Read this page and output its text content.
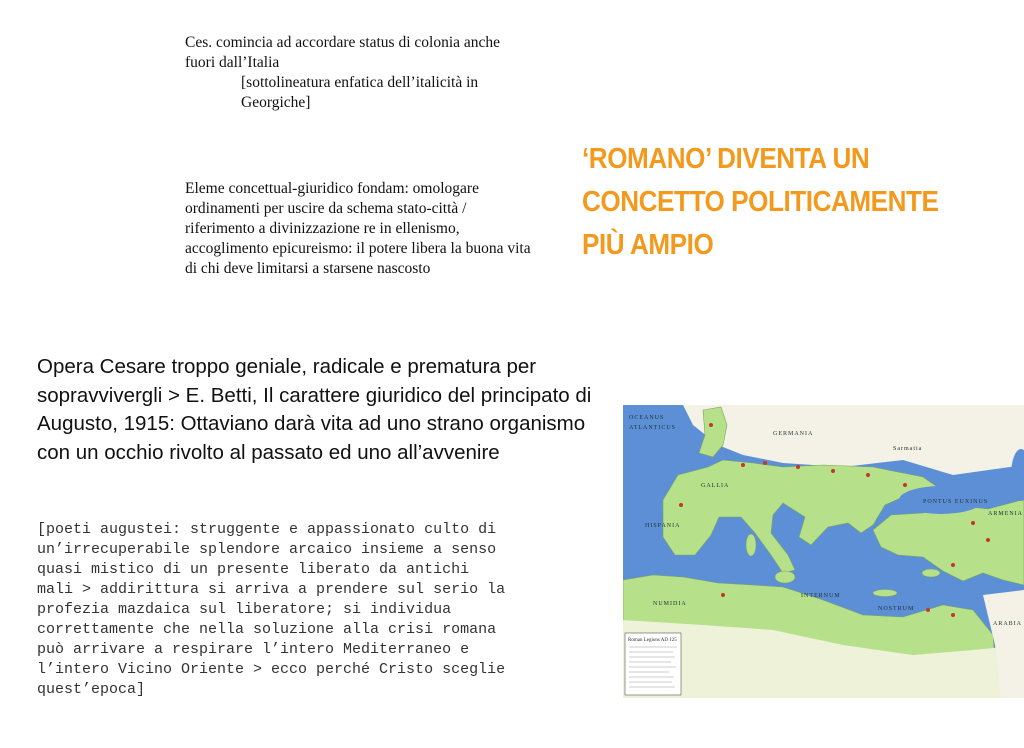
Ces. comincia ad accordare status di colonia anche fuori dall’Italia
[sottolineatura enfatica dell’italicità in Georgiche]
Eleme concettual-giuridico fondam: omologare ordinamenti per uscire da schema stato-città / riferimento a divinizzazione re in ellenismo, accoglimento epicureismo: il potere libera la buona vita di chi deve limitarsi a starsene nascosto
‘ROMANO’ DIVENTA UN
CONCETTO POLITICAMENTE
PIÙ AMPIO
Opera Cesare troppo geniale, radicale e prematura per sopravvivergli > E. Betti, Il carattere giuridico del principato di Augusto, 1915: Ottaviano darà vita ad uno strano organismo con un occhio rivolto al passato ed uno all’avvenire
[poeti augustei: struggente e appassionato culto di
un’irrecuperabile splendore arcaico insieme a senso
quasi mistico di un presente liberato da antichi
mali > addirittura si arriva a prendere sul serio la
profezia mazdaica sul liberatore; si individua
correttamente che nella soluzione alla crisi romana
può arrivare a respirare l’intero Mediterraneo e
l’intero Vicino Oriente > ecco perché Cristo sceglie
quest’epoca]
OCEANUS
ATLANTICUS
GERMANIA
Sarmatia
GALLIA
HISPANIA
PONTUS EUXINUS
ARMENIA
INTERNUM
NOSTRUM
NUMIDIA
ARABIA
Roman Legions AD 125
